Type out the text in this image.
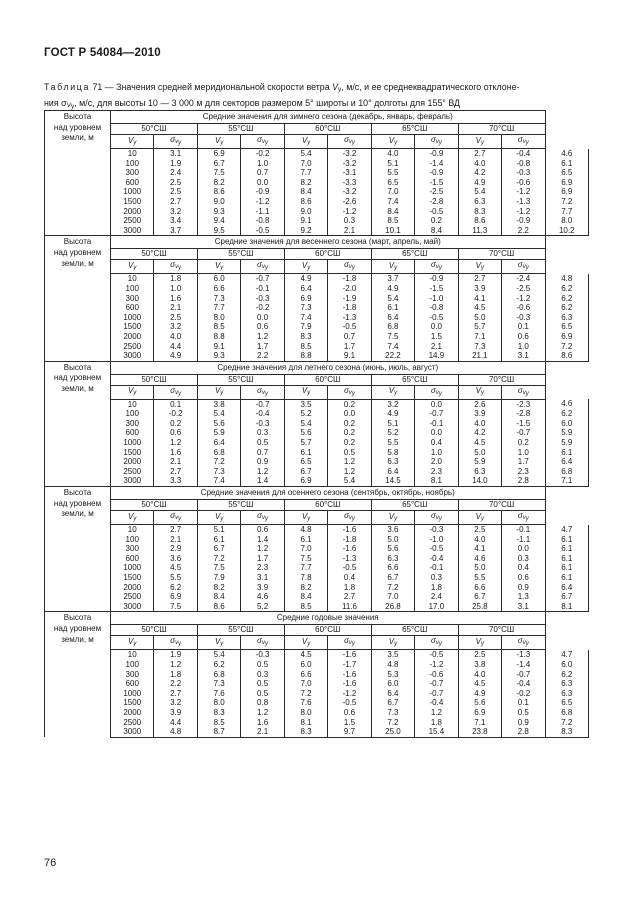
ГОСТ Р 54084—2010
Таблица 71 — Значения средней меридиональной скорости ветра $V_y$, м/с, и ее среднеквадратического отклоне-
ния $\sigma_{V_y}$, м/с, для высоты 10 — 3 000 м для секторов размером 5° широты и 10° долготы для 155° ВД
Высота
над уровнем
земли, м	Средние значения для зимнего сезона (декабрь, январь, февраль)										
	50°СШ		55°СШ		60°СШ		65°СШ		70°СШ		
	$V_y$	$\sigma_{v_y}$	$V_y$	$\sigma_{v_y}$	$V_y$	$\sigma_{v_y}$	$V_y$	$\sigma_{v_y}$	$V_y$	$\sigma_{v_y}$
	10	3.1	6.9	-0.2	5.4	-3.2	4.0	-0.9	2.7	-0.4	4.6
	100	1.9	6.7	1.0	7.0	-3.2	5.1	-1.4	4.0	-0.8	6.1
	300	2.4	7.5	0.7	7.7	-3.1	5.5	-0.9	4.2	-0.3	6.5
	600	2.5	8.2	0.0	8.2	-3.3	6.5	-1.5	4.9	-0.6	6.9
	1000	2.5	8.6	-0.9	8.4	-3.2	7.0	-2.5	5.4	-1.2	6.9
	1500	2.7	9.0	-1.2	8.6	-2.6	7.4	-2.8	6.3	-1.3	7.2
	2000	3.2	9.3	-1.1	9.0	-1.2	8.4	-0.5	8.3	-1.2	7.7
	2500	3.4	9.4	-0.8	9.1	0.3	8.5	0.2	8.6	-0.9	8.0
	3000	3.7	9.5	-0.5	9.2	2.1	10.1	8.4	11.3	2.2	10.2

Высота
над уровнем
земли, м	Средние значения для весеннего сезона (март, апрель, май)										
	50°СШ		55°СШ		60°СШ		65°СШ		70°СШ		
	$V_y$	$\sigma_{v_y}$	$V_y$	$\sigma_{v_y}$	$V_y$	$\sigma_{v_y}$	$V_y$	$\sigma_{v_y}$	$V_y$	$\sigma_{v_y}$
	10	1.8	6.0	-0.7	4.9	-1.8	3.7	-0.9	2.7	-2.4	4.8
	100	1.0	6.6	-0.1	6.4	-2.0	4.9	-1.5	3.9	-2.5	6.2
	300	1.6	7.3	-0.3	6.9	-1.9	5.4	-1.0	4.1	-1.2	6.2
	600	2.1	7.7	-0.2	7.3	-1.8	6.1	-0.8	4.5	-0.6	6.2
	1000	2.5	8.0	0.0	7.4	-1.3	6.4	-0.5	5.0	-0.3	6.3
	1500	3.2	8.5	0.6	7.9	-0.5	6.8	0.0	5.7	0.1	6.5
	2000	4.0	8.8	1.2	8.3	0.7	7.5	1.5	7.1	0.6	6.9
	2500	4.4	9.1	1.7	8.5	1.7	7.4	2.1	7.3	1.0	7.2
	3000	4.9	9.3	2.2	8.8	9.1	22.2	14.9	21.1	3.1	8.6

Высота
над уровнем
земли, м	Средние значения для летнего сезона (июнь, июль, август)										
	50°СШ		55°СШ		60°СШ		65°СШ		70°СШ		
	$V_y$	$\sigma_{v_y}$	$V_y$	$\sigma_{v_y}$	$V_y$	$\sigma_{v_y}$	$V_y$	$\sigma_{v_y}$	$V_y$	$\sigma_{v_y}$
	10	0.1	3.8	-0.7	3.5	0.2	3.2	0.0	2.6	-2.3	4.6
	100	-0.2	5.4	-0.4	5.2	0.0	4.9	-0.7	3.9	-2.8	6.2
	300	0.2	5.6	-0.3	5.4	0.2	5.1	-0.1	4.0	-1.5	6.0
	600	0.6	5.9	0.3	5.6	0.2	5.2	0.0	4.2	-0.7	5.9
	1000	1.2	6.4	0.5	5.7	0.2	5.5	0.4	4.5	0.2	5.9
	1500	1.6	6.8	0.7	6.1	0.5	5.8	1.0	5.0	1.0	6.1
	2000	2.1	7.2	0.9	6.5	1.2	6.3	2.0	5.9	1.7	6.4
	2500	2.7	7.3	1.2	6.7	1.2	6.4	2.3	6.3	2.3	6.8
	3000	3.3	7.4	1.4	6.9	5.4	14.5	8.1	14.0	2.8	7.1

Высота
над уровнем
земли, м	Средние значения для осеннего сезона (сентябрь, октябрь, ноябрь)										
	50°СШ		55°СШ		60°СШ		65°СШ		70°СШ		
	$V_y$	$\sigma_{v_y}$	$V_y$	$\sigma_{v_y}$	$V_y$	$\sigma_{v_y}$	$V_y$	$\sigma_{v_y}$	$V_y$	$\sigma_{v_y}$
	10	2.7	5.1	0.6	4.8	-1.6	3.6	-0.3	2.5	-0.1	4.7
	100	2.1	6.1	1.4	6.1	-1.8	5.0	-1.0	4.0	-1.1	6.1
	300	2.9	6.7	1.2	7.0	-1.6	5.6	-0.5	4.1	0.0	6.1
	600	3.6	7.2	1.7	7.5	-1.3	6.3	-0.4	4.6	0.3	6.1
	1000	4.5	7.5	2.3	7.7	-0.5	6.6	-0.1	5.0	0.4	6.1
	1500	5.5	7.9	3.1	7.8	0.4	6.7	0.3	5.5	0.6	6.1
	2000	6.2	8.2	3.9	8.2	1.8	7.2	1.8	6.6	0.9	6.4
	2500	6.9	8.4	4.6	8.4	2.7	7.0	2.4	6.7	1.3	6.7
	3000	7.5	8.6	5.2	8.5	11.6	26.8	17.0	25.8	3.1	8.1

Высота
над уровнем
земли, м	Средние годовые значения										
	50°СШ		55°СШ		60°СШ		65°СШ		70°СШ		
	$V_y$	$\sigma_{v_y}$	$V_y$	$\sigma_{v_y}$	$V_y$	$\sigma_{v_y}$	$V_y$	$\sigma_{v_y}$	$V_y$	$\sigma_{v_y}$
	10	1.9	5.4	-0.3	4.5	-1.6	3.5	-0.5	2.5	-1.3	4.7
	100	1.2	6.2	0.5	6.0	-1.7	4.8	-1.2	3.8	-1.4	6.0
	300	1.8	6.8	0.3	6.6	-1.6	5.3	-0.6	4.0	-0.7	6.2
	600	2.2	7.3	0.5	7.0	-1.6	6.0	-0.7	4.5	-0.4	6.3
	1000	2.7	7.6	0.5	7.2	-1.2	6.4	-0.7	4.9	-0.2	6.3
	1500	3.2	8.0	0.8	7.6	-0.5	6.7	-0.4	5.6	0.1	6.5
	2000	3.9	8.3	1.2	8.0	0.6	7.3	1.2	6.9	0.5	6.8
	2500	4.4	8.5	1.6	8.1	1.5	7.2	1.8	7.1	0.9	7.2
	3000	4.8	8.7	2.1	8.3	9.7	25.0	15.4	23.8	2.8	8.3
76
